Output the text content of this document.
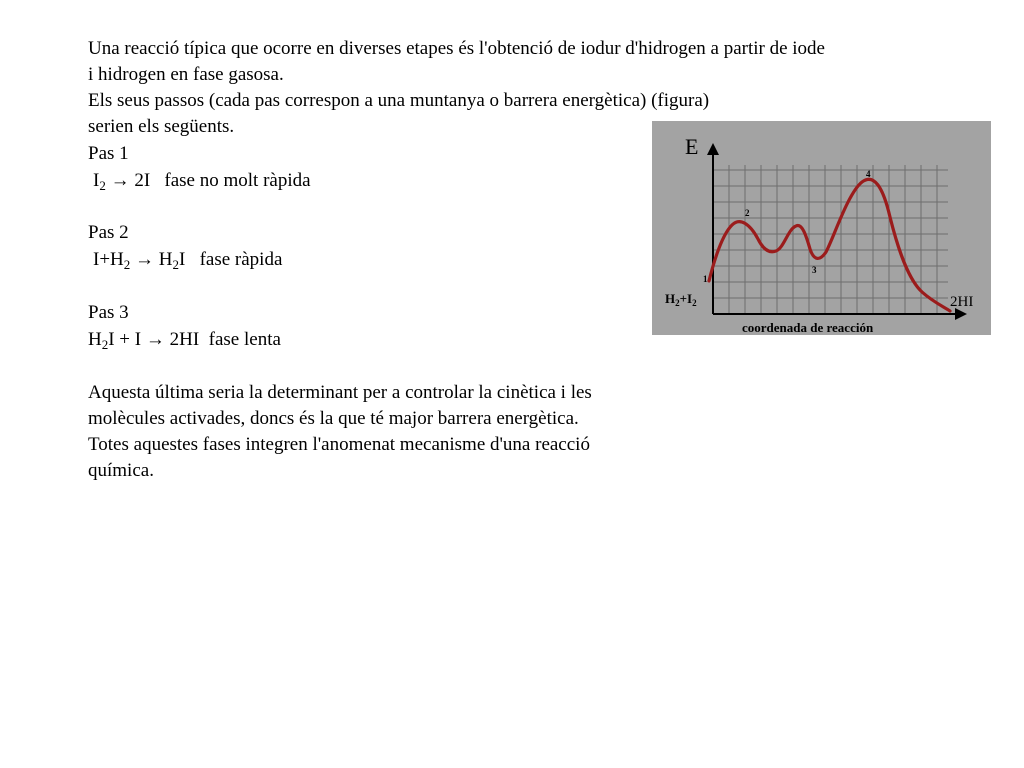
Una reacció típica que ocorre en diverses etapes és l'obtenció de iodur d'hidrogen a partir de iode

i hidrogen en fase gasosa.

Els seus passos (cada pas correspon a una muntanya o barrera energètica) (figura)

serien els següents.

Pas 1

$I_2 \to 2I$   fase no molt ràpida

Pas 2

$I+H_2 \to H_2I$   fase ràpida

Pas 3

$H_2I + I \to 2HI$  fase lenta

Aquesta última seria la determinant per a controlar la cinètica i les

molècules activades, doncs és la que té major barrera energètica.

Totes aquestes fases integren l'anomenat mecanisme d'una reacció

química.

E
coordenada de reacción
$H_2+I_2$	2HI
1
2
3
4
